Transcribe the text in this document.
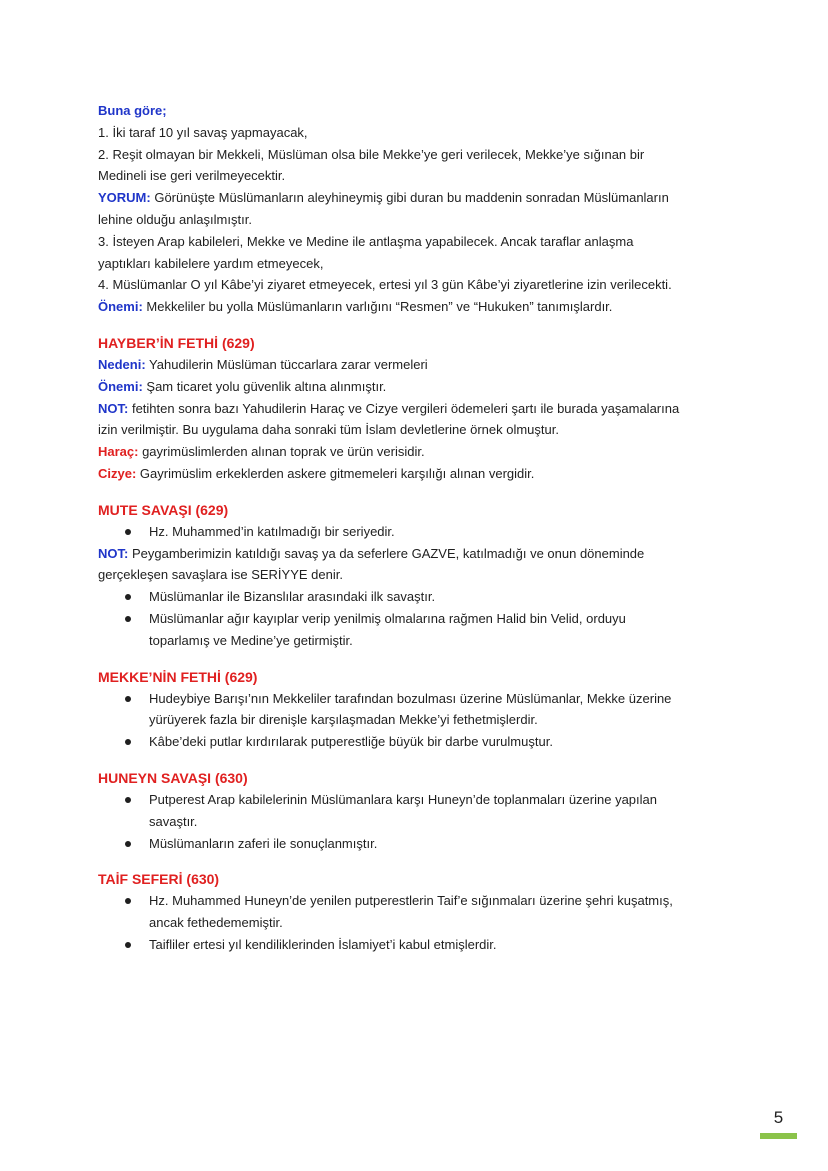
Buna göre;

1. İki taraf 10 yıl savaş yapmayacak,

2. Reşit olmayan bir Mekkeli, Müslüman olsa bile Mekke’ye geri verilecek, Mekke’ye sığınan bir
Medineli ise geri verilmeyecektir.

YORUM: Görünüşte Müslümanların aleyhineymiş gibi duran bu maddenin sonradan Müslümanların
lehine olduğu anlaşılmıştır.

3. İsteyen Arap kabileleri, Mekke ve Medine ile antlaşma yapabilecek. Ancak taraflar anlaşma
yaptıkları kabilelere yardım etmeyecek,

4. Müslümanlar O yıl Kâbe’yi ziyaret etmeyecek, ertesi yıl 3 gün Kâbe’yi ziyaretlerine izin verilecekti.

Önemi: Mekkeliler bu yolla Müslümanların varlığını “Resmen” ve “Hukuken” tanımışlardır.

HAYBER’İN FETHİ (629)

Nedeni: Yahudilerin Müslüman tüccarlara zarar vermeleri

Önemi: Şam ticaret yolu güvenlik altına alınmıştır.

NOT: fetihten sonra bazı Yahudilerin Haraç ve Cizye vergileri ödemeleri şartı ile burada yaşamalarına
izin verilmiştir. Bu uygulama daha sonraki tüm İslam devletlerine örnek olmuştur.

Haraç: gayrimüslimlerden alınan toprak ve ürün verisidir.

Cizye: Gayrimüslim erkeklerden askere gitmemeleri karşılığı alınan vergidir.

MUTE SAVAŞI (629)

Hz. Muhammed’in katılmadığı bir seriyedir.

NOT: Peygamberimizin katıldığı savaş ya da seferlere GAZVE, katılmadığı ve onun döneminde
gerçekleşen savaşlara ise SERİYYE denir.

Müslümanlar ile Bizanslılar arasındaki ilk savaştır.
Müslümanlar ağır kayıplar verip yenilmiş olmalarına rağmen Halid bin Velid, orduyu
toparlamış ve Medine’ye getirmiştir.

MEKKE’NİN FETHİ (629)

Hudeybiye Barışı’nın Mekkeliler tarafından bozulması üzerine Müslümanlar, Mekke üzerine
yürüyerek fazla bir direnişle karşılaşmadan Mekke’yi fethetmişlerdir.
Kâbe’deki putlar kırdırılarak putperestliğe büyük bir darbe vurulmuştur.

HUNEYN SAVAŞI (630)

Putperest Arap kabilelerinin Müslümanlara karşı Huneyn’de toplanmaları üzerine yapılan
savaştır.
Müslümanların zaferi ile sonuçlanmıştır.

TAİF SEFERİ (630)

Hz. Muhammed Huneyn’de yenilen putperestlerin Taif’e sığınmaları üzerine şehri kuşatmış,
ancak fethedememiştir.
Taifliler ertesi yıl kendiliklerinden İslamiyet’i kabul etmişlerdir.
5
